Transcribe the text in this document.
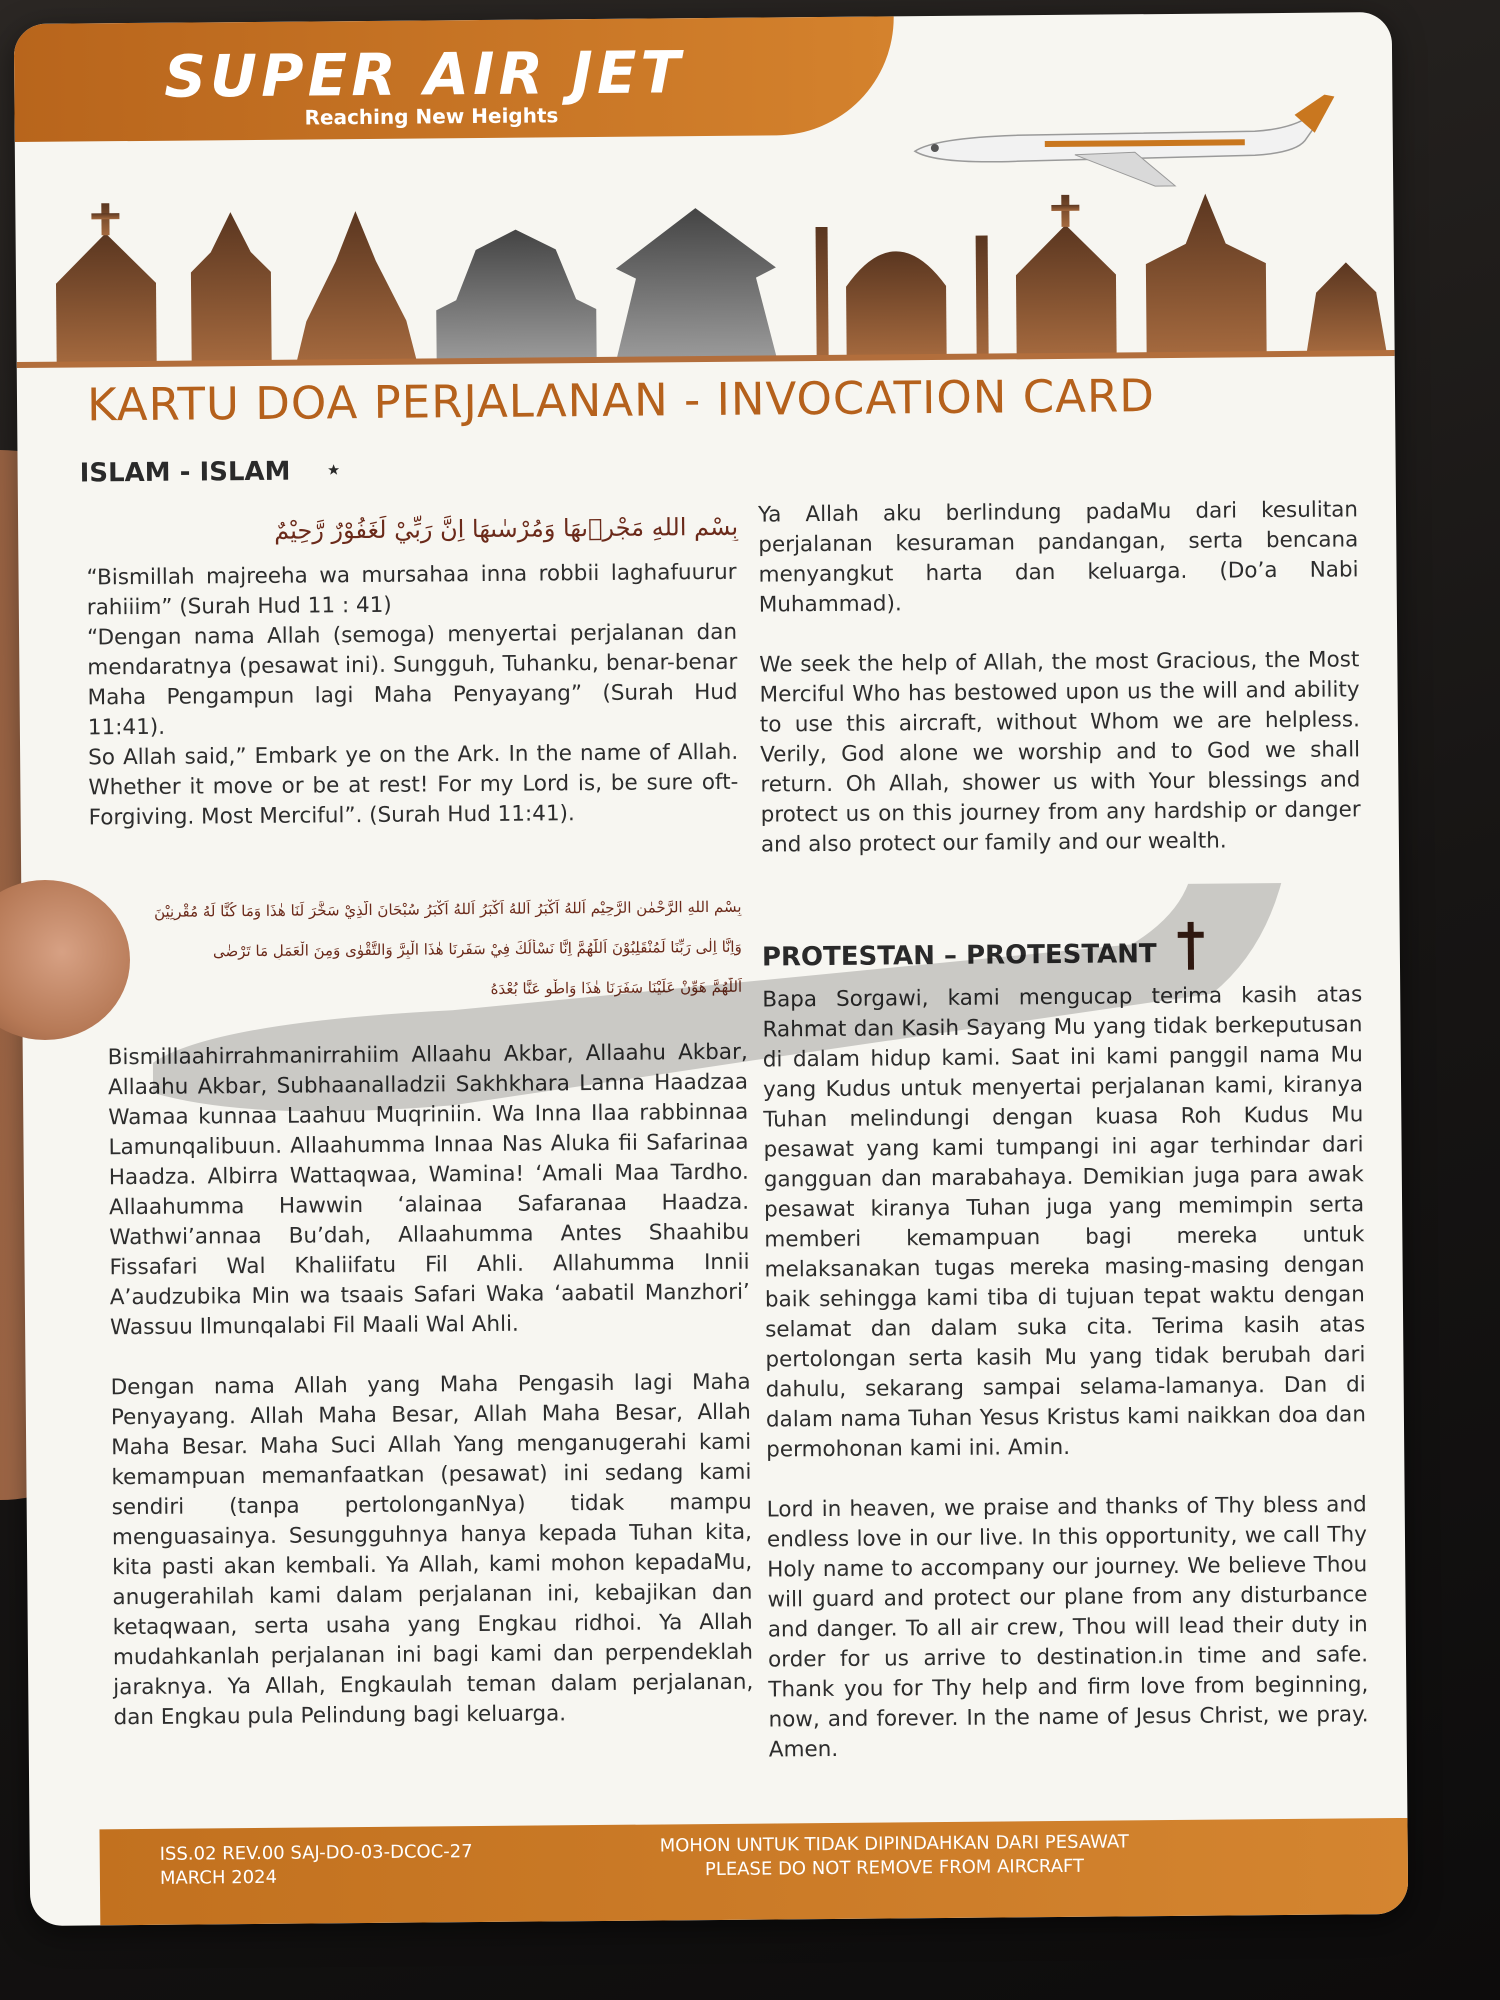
SUPER AIR JET
Reaching New Heights
KARTU DOA PERJALANAN - INVOCATION CARD
ISLAM - ISLAM
بِسْمِ اللهِ مَجْرٖىهَا وَمُرْسٰىهَا اِنَّ رَبِّيْ لَغَفُوْرٌ رَّحِيْمٌ

“Bismillah majreeha wa mursahaa inna robbii laghafuurur rahiiim” (Surah Hud 11 : 41)

“Dengan nama Allah (semoga) menyertai perjalanan dan mendaratnya (pesawat ini). Sungguh, Tuhanku, benar-benar Maha Pengampun lagi Maha Penyayang” (Surah Hud 11:41).

So Allah said,” Embark ye on the Ark. In the name of Allah. Whether it move or be at rest! For my Lord is, be sure oft-Forgiving. Most Merciful”. (Surah Hud 11:41).

بِسْمِ اللهِ الرَّحْمٰنِ الرَّحِيْمِ اَللهُ اَكْبَرُ اَللهُ اَكْبَرُ اَللهُ اَكْبَرُ سُبْحَانَ الَّذِيْ سَخَّرَ لَنَا هٰذَا وَمَا كُنَّا لَهُ مُقْرِنِيْنَ
وَاِنَّا اِلٰى رَبِّنَا لَمُنْقَلِبُوْنَ اَللّٰهُمَّ اِنَّا نَسْأَلُكَ فِيْ سَفَرِنَا هٰذَا الْبِرَّ وَالتَّقْوٰى وَمِنَ الْعَمَلِ مَا تَرْضٰى
اَللّٰهُمَّ هَوِّنْ عَلَيْنَا سَفَرَنَا هٰذَا وَاطْوِ عَنَّا بُعْدَهُ

Bismillaahirrahmanirrahiim Allaahu Akbar, Allaahu Akbar, Allaahu Akbar, Subhaanalladzii Sakhkhara Lanna Haadzaa Wamaa kunnaa Laahuu Muqriniin. Wa Inna Ilaa rabbinnaa Lamunqalibuun. Allaahumma Innaa Nas Aluka fii Safarinaa Haadza. Albirra Wattaqwaa, Wamina! ‘Amali Maa Tardho. Allaahumma Hawwin ‘alainaa Safaranaa Haadza. Wathwi’annaa Bu’dah, Allaahumma Antes Shaahibu Fissafari Wal Khaliifatu Fil Ahli. Allahumma Innii A’audzubika Min wa tsaais Safari Waka ‘aabatil Manzhori’ Wassuu Ilmunqalabi Fil Maali Wal Ahli.

Dengan nama Allah yang Maha Pengasih lagi Maha Penyayang. Allah Maha Besar, Allah Maha Besar, Allah Maha Besar. Maha Suci Allah Yang menganugerahi kami kemampuan memanfaatkan (pesawat) ini sedang kami sendiri (tanpa pertolonganNya) tidak mampu menguasainya. Sesungguhnya hanya kepada Tuhan kita, kita pasti akan kembali. Ya Allah, kami mohon kepadaMu, anugerahilah kami dalam perjalanan ini, kebajikan dan ketaqwaan, serta usaha yang Engkau ridhoi. Ya Allah mudahkanlah perjalanan ini bagi kami dan perpendeklah jaraknya. Ya Allah, Engkaulah teman dalam perjalanan, dan Engkau pula Pelindung bagi keluarga.

Ya Allah aku berlindung padaMu dari kesulitan perjalanan kesuraman pandangan, serta bencana menyangkut harta dan keluarga. (Do’a Nabi Muhammad).

We seek the help of Allah, the most Gracious, the Most Merciful Who has bestowed upon us the will and ability to use this aircraft, without Whom we are helpless. Verily, God alone we worship and to God we shall return. Oh Allah, shower us with Your blessings and protect us on this journey from any hardship or danger and also protect our family and our wealth.

PROTESTAN – PROTESTANT

Bapa Sorgawi, kami mengucap terima kasih atas Rahmat dan Kasih Sayang Mu yang tidak berkeputusan di dalam hidup kami. Saat ini kami panggil nama Mu yang Kudus untuk menyertai perjalanan kami, kiranya Tuhan melindungi dengan kuasa Roh Kudus Mu pesawat yang kami tumpangi ini agar terhindar dari gangguan dan marabahaya. Demikian juga para awak pesawat kiranya Tuhan juga yang memimpin serta memberi kemampuan bagi mereka untuk melaksanakan tugas mereka masing-masing dengan baik sehingga kami tiba di tujuan tepat waktu dengan selamat dan dalam suka cita. Terima kasih atas pertolongan serta kasih Mu yang tidak berubah dari dahulu, sekarang sampai selama-lamanya. Dan di dalam nama Tuhan Yesus Kristus kami naikkan doa dan permohonan kami ini. Amin.

Lord in heaven, we praise and thanks of Thy bless and endless love in our live. In this opportunity, we call Thy Holy name to accompany our journey. We believe Thou will guard and protect our plane from any disturbance and danger. To all air crew, Thou will lead their duty in order for us arrive to destination.in time and safe. Thank you for Thy help and firm love from beginning, now, and forever. In the name of Jesus Christ, we pray. Amen.

ISS.02 REV.00 SAJ-DO-03-DCOC-27
MARCH 2024
MOHON UNTUK TIDAK DIPINDAHKAN DARI PESAWAT
PLEASE DO NOT REMOVE FROM AIRCRAFT
